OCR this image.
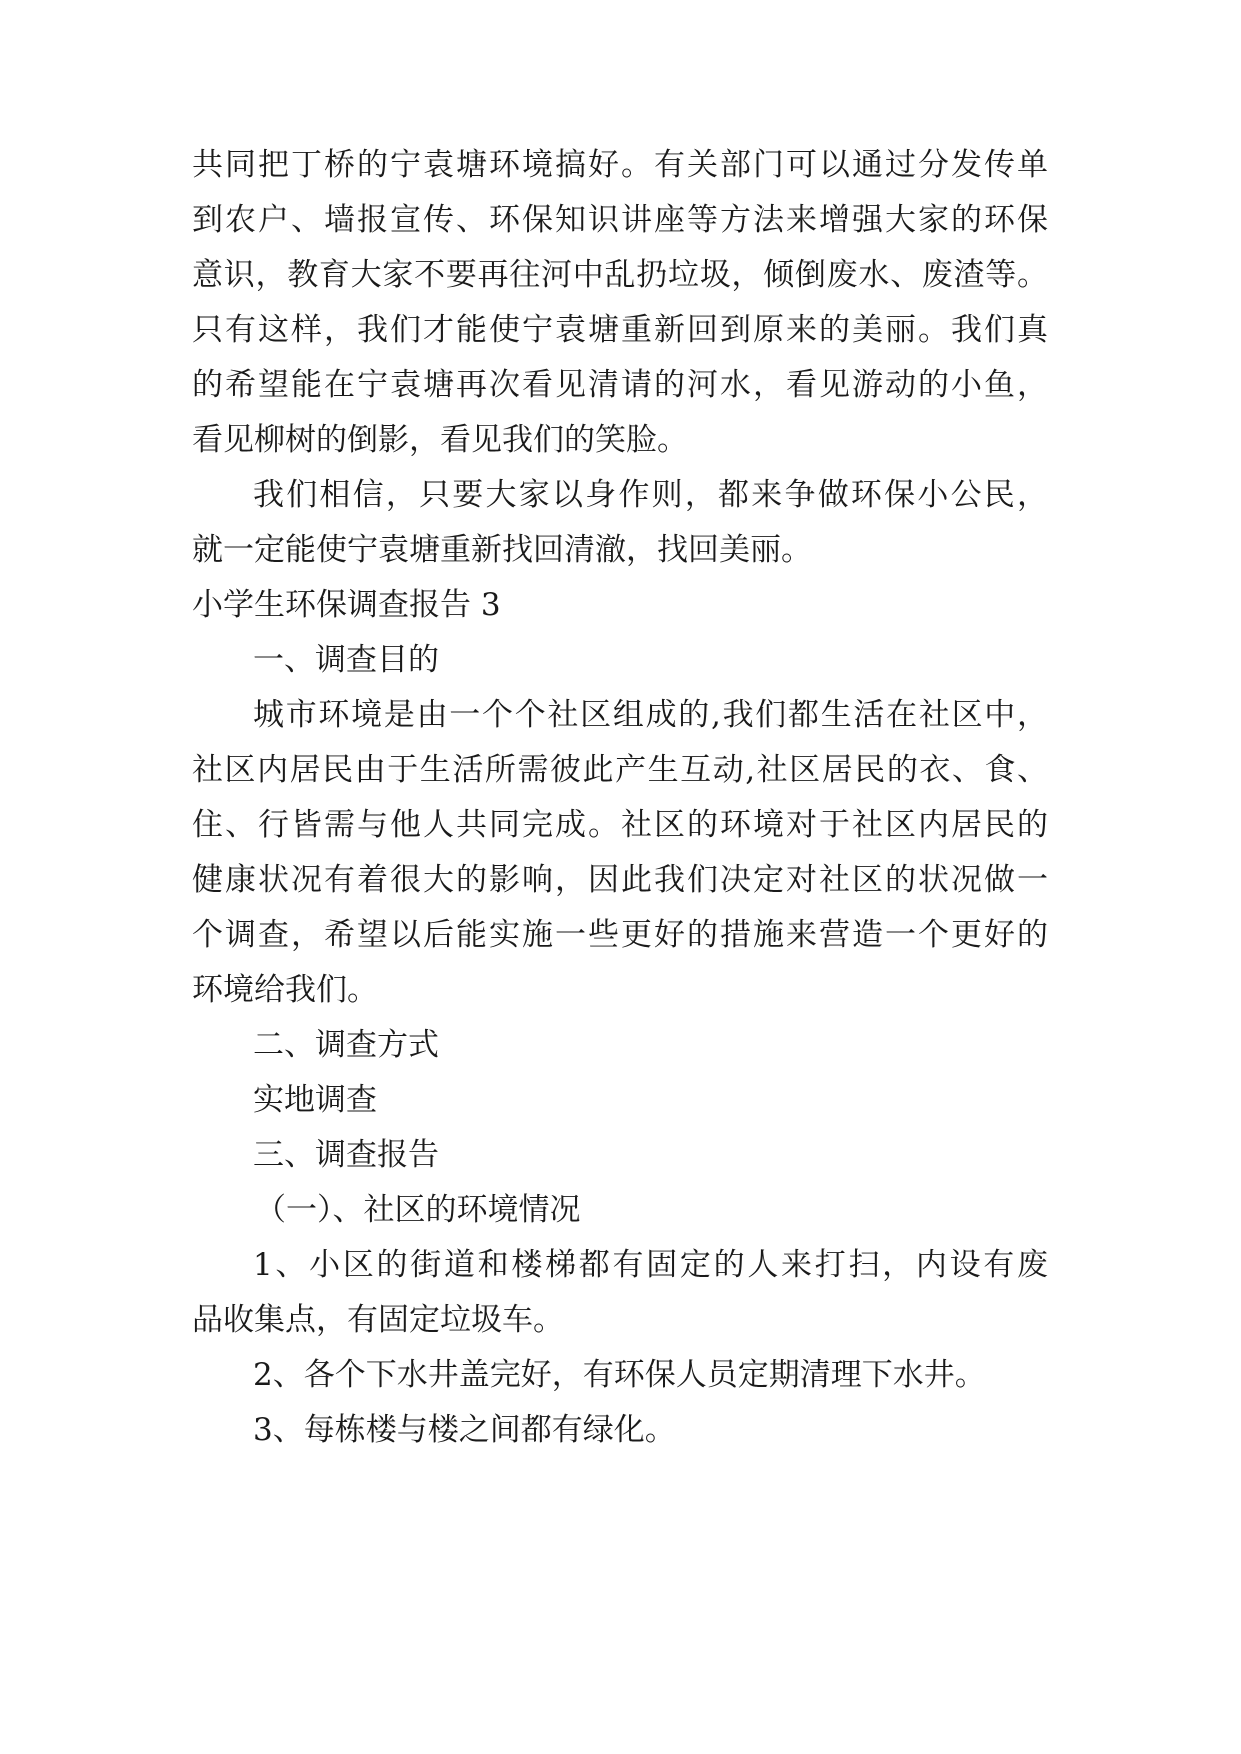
共同把丁桥的宁袁塘环境搞好。有关部门可以通过分发传单
到农户、墙报宣传、环保知识讲座等方法来增强大家的环保
意识，教育大家不要再往河中乱扔垃圾，倾倒废水、废渣等。
只有这样，我们才能使宁袁塘重新回到原来的美丽。我们真
的希望能在宁袁塘再次看见清请的河水，看见游动的小鱼，
看见柳树的倒影，看见我们的笑脸。
我们相信，只要大家以身作则，都来争做环保小公民，
就一定能使宁袁塘重新找回清澈，找回美丽。
小学生环保调查报告 3
一、调查目的
城市环境是由一个个社区组成的,我们都生活在社区中，
社区内居民由于生活所需彼此产生互动,社区居民的衣、食、
住、行皆需与他人共同完成。社区的环境对于社区内居民的
健康状况有着很大的影响，因此我们决定对社区的状况做一
个调查，希望以后能实施一些更好的措施来营造一个更好的
环境给我们。
二、调查方式
实地调查
三、调查报告
（一）、社区的环境情况
1、小区的街道和楼梯都有固定的人来打扫，内设有废
品收集点，有固定垃圾车。
2、各个下水井盖完好，有环保人员定期清理下水井。
3、每栋楼与楼之间都有绿化。
